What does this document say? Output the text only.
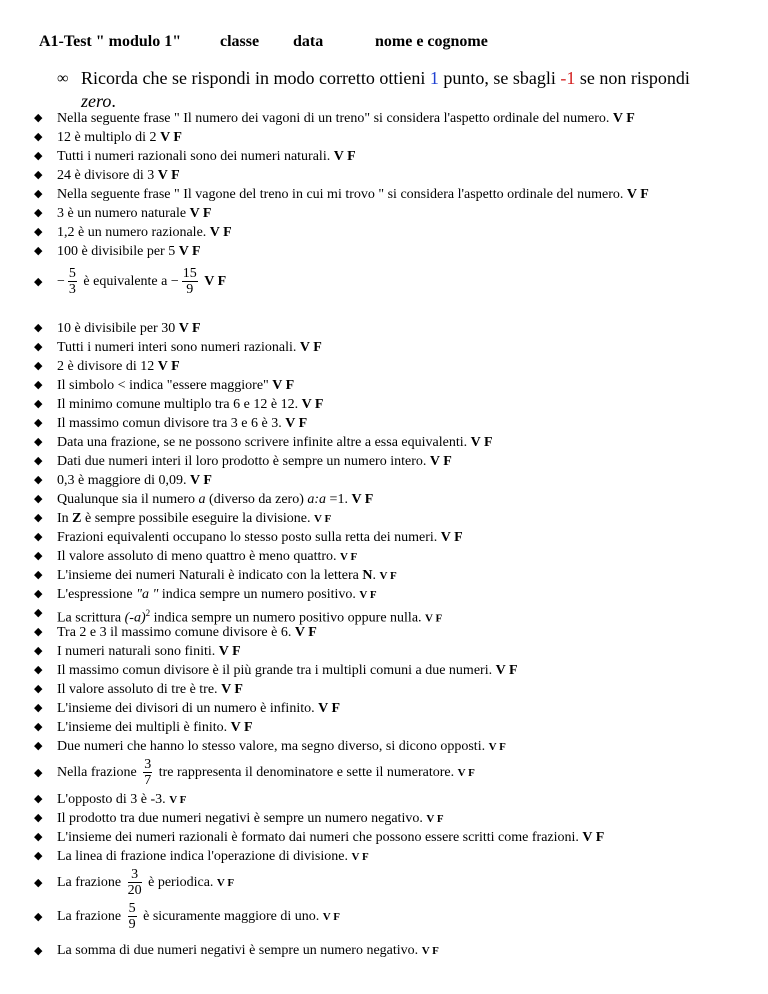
A1-Test " modulo 1" classe data	nome e cognome
∞ Ricorda che se rispondi in modo corretto ottieni 1 punto, se sbagli -1 se non rispondi
zero.
◆ Nella seguente frase " Il numero dei vagoni di un treno" si considera l'aspetto ordinale del numero. V F
◆ 12 è multiplo di 2 V F
◆ Tutti i numeri razionali sono dei numeri naturali. V F
◆ 24 è divisore di 3 V F
◆ Nella seguente frase " Il vagone del treno in cui mi trovo " si considera l'aspetto ordinale del numero. V F
◆ 3 è un numero naturale V F
◆ 1,2 è un numero razionale. V F
◆ 100 è divisibile per 5 V F
◆ − $\frac{5}{3}$ è equivalente $a - \frac{15}{9}$ V F
◆ 10 è divisibile per 30 V F
◆ Tutti i numeri interi sono numeri razionali. V F
◆ 2 è divisore di 12 V F
◆ Il simbolo < indica "essere maggiore" V F
◆ Il minimo comune multiplo tra 6 e 12 è 12. V F
◆ Il massimo comun divisore tra 3 e 6 è 3. V F
◆ Data una frazione, se ne possono scrivere infinite altre a essa equivalenti. V F
◆ Dati due numeri interi il loro prodotto è sempre un numero intero. V F
◆ 0,3 è maggiore di 0,09. V F
◆ Qualunque sia il numero a (diverso da zero) a:a =1. V F
◆ In Z è sempre possibile eseguire la divisione. V F
◆ Frazioni equivalenti occupano lo stesso posto sulla retta dei numeri. V F
◆ Il valore assoluto di meno quattro è meno quattro. V F
◆ L'insieme dei numeri Naturali è indicato con la lettera N. V F
◆ L'espressione "a " indica sempre un numero positivo. V F
◆ La scrittura $(-a)^2$ indica sempre un numero positivo oppure nulla. V F
◆ Tra 2 e 3 il massimo comune divisore è 6. V F
◆ I numeri naturali sono finiti. V F
◆ Il massimo comun divisore è il più grande tra i multipli comuni a due numeri. V F
◆ Il valore assoluto di tre è tre. V F
◆ L'insieme dei divisori di un numero è infinito. V F
◆ L'insieme dei multipli è finito. V F
◆ Due numeri che hanno lo stesso valore, ma segno diverso, si dicono opposti. V F
◆ Nella frazione $\frac{3}{7}$ tre rappresenta il denominatore e sette il numeratore. V F
◆ L'opposto di 3 è -3. V F
◆ Il prodotto tra due numeri negativi è sempre un numero negativo. V F
◆ L'insieme dei numeri razionali è formato dai numeri che possono essere scritti come frazioni. V F
◆ La linea di frazione indica l'operazione di divisione. V F
◆ La frazione $\frac{3}{20}$ è periodica. V F
◆ La frazione $\frac{5}{9}$ è sicuramente maggiore di uno. V F
◆ La somma di due numeri negativi è sempre un numero negativo. V F
